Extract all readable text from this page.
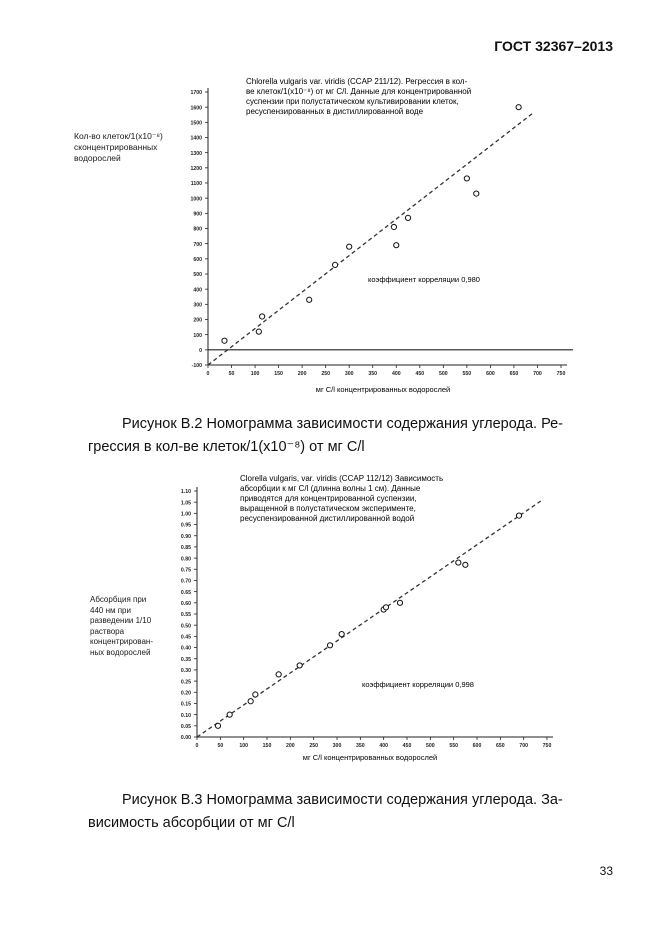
ГОСТ 32367–2013
Кол-во клеток/1(х10⁻⁸)
сконцентрированных
водорослей
Chlorella vulgaris var. viridis (CCAP 211/12). Регрессия в кол-
ве клеток/1(х10⁻⁸) от мг C/l. Данные для концентрированной
суспензии при полустатическом культивировании клеток,
ресуспензированных в дистиллированной воде
коэффициент корреляции 0,980
мг C/l концентрированных водорослей
-100
0
100
200
300
400
500
600
700
800
900
1000
1100
1200
1300
1400
1500
1600
1700
0	50	100	150	200	250	300	350	400	450	500	550	600	650	700	750
Рисунок В.2 Номограмма зависимости содержания углерода. Ре-
грессия в кол-ве клеток/1(х10⁻⁸) от мг C/l
Абсорбция при
440 нм при
разведении 1/10
раствора
концентрирован-
ных водорослей
Clorella vulgaris, var. viridis (CCAP 112/12) Зависимость
абсорбции к мг C/l (длинна волны 1 см). Данные
приводятся для концентрированной суспензии,
выращенной в полустатическом эксперименте,
ресуспензированной дистиллированной водой
коэффициент корреляции 0,998
мг C/l концентрированных водорослей
0.00
0.05
0.10
0.15
0.20
0.25
0.30
0.35
0.40
0.45
0.50
0.55
0.60
0.65
0.70
0.75
0.80
0.85
0.90
0.95
1.00
1.05
1.10
0	50	100	150	200	250	300	350	400	450	500	550	600	650	700	750
Рисунок В.3 Номограмма зависимости содержания углерода. За-
висимость абсорбции от мг C/l
33
